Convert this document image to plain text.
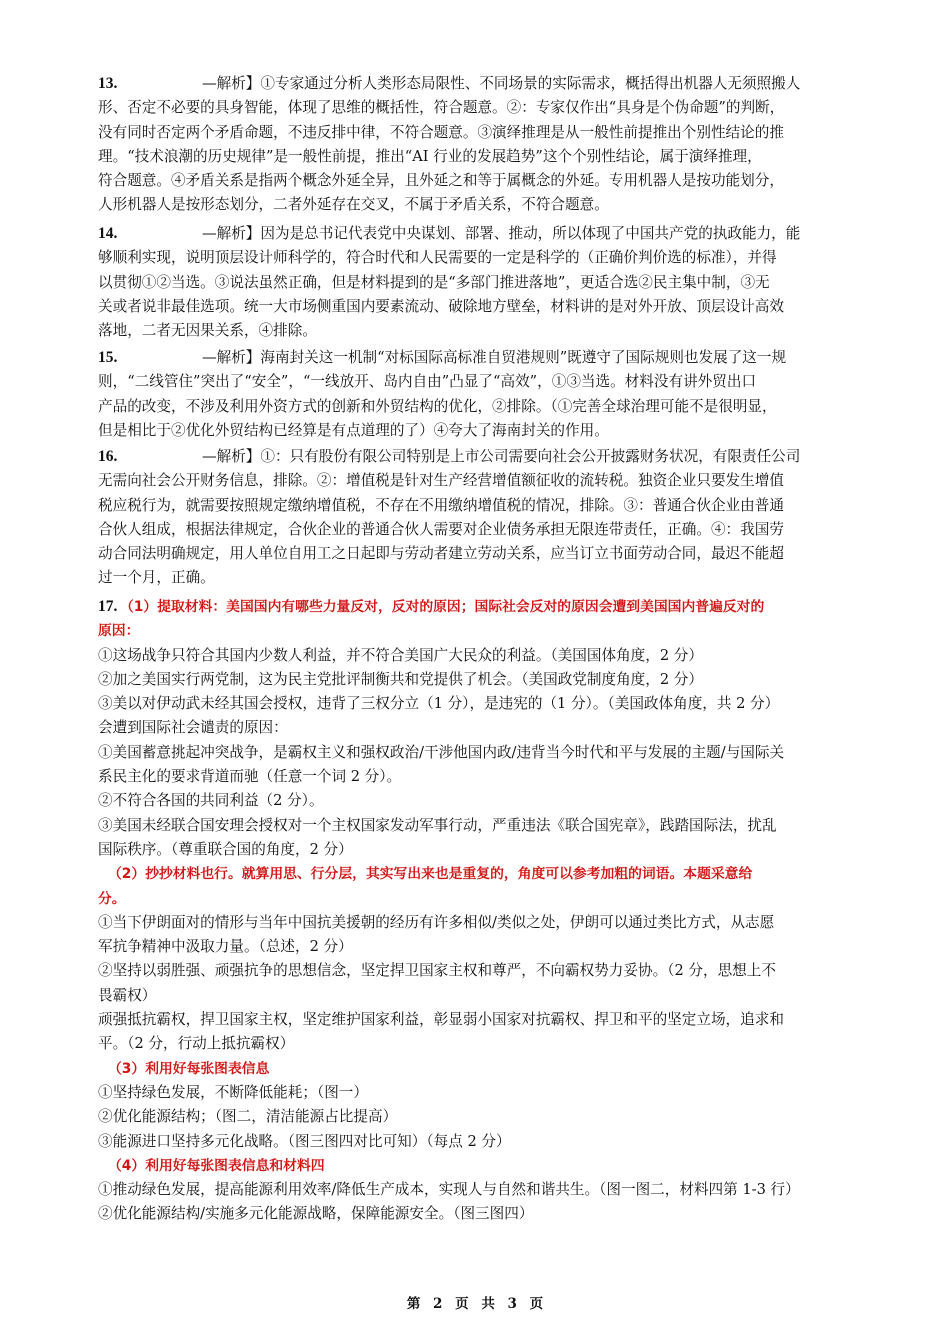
13.	—解析】①专家通过分析人类形态局限性、不同场景的实际需求，概括得出机器人无须照搬人
形、否定不必要的具身智能，体现了思维的概括性，符合题意。②：专家仅作出“具身是个伪命题”的判断，
没有同时否定两个矛盾命题，不违反排中律，不符合题意。③演绎推理是从一般性前提推出个别性结论的推
理。“技术浪潮的历史规律”是一般性前提，推出“AI 行业的发展趋势”这个个别性结论，属于演绎推理，
符合题意。④矛盾关系是指两个概念外延全异，且外延之和等于属概念的外延。专用机器人是按功能划分，
人形机器人是按形态划分，二者外延存在交叉，不属于矛盾关系，不符合题意。
14.	—解析】因为是总书记代表党中央谋划、部署、推动，所以体现了中国共产党的执政能力，能
够顺利实现，说明顶层设计师科学的，符合时代和人民需要的一定是科学的（正确价判价选的标准），并得
以贯彻①②当选。③说法虽然正确，但是材料提到的是“多部门推进落地”，更适合选②民主集中制，③无
关或者说非最佳选项。统一大市场侧重国内要素流动、破除地方壁垒，材料讲的是对外开放、顶层设计高效
落地，二者无因果关系，④排除。
15.	—解析】海南封关这一机制“对标国际高标准自贸港规则”既遵守了国际规则也发展了这一规
则，“二线管住”突出了“安全”，“一线放开、岛内自由”凸显了“高效”，①③当选。材料没有讲外贸出口
产品的改变，不涉及利用外资方式的创新和外贸结构的优化，②排除。（①完善全球治理可能不是很明显，
但是相比于②优化外贸结构已经算是有点道理的了）④夸大了海南封关的作用。
16.	—解析】①：只有股份有限公司特别是上市公司需要向社会公开披露财务状况，有限责任公司
无需向社会公开财务信息，排除。②：增值税是针对生产经营增值额征收的流转税。独资企业只要发生增值
税应税行为，就需要按照规定缴纳增值税，不存在不用缴纳增值税的情况，排除。③：普通合伙企业由普通
合伙人组成，根据法律规定，合伙企业的普通合伙人需要对企业债务承担无限连带责任，正确。④：我国劳
动合同法明确规定，用人单位自用工之日起即与劳动者建立劳动关系，应当订立书面劳动合同，最迟不能超
过一个月，正确。
17. （1）提取材料：美国国内有哪些力量反对，反对的原因；国际社会反对的原因会遭到美国国内普遍反对的
原因：
①这场战争只符合其国内少数人利益，并不符合美国广大民众的利益。（美国国体角度，2 分）
②加之美国实行两党制，这为民主党批评制衡共和党提供了机会。（美国政党制度角度，2 分）
③美以对伊动武未经其国会授权，违背了三权分立（1 分），是违宪的（1 分）。（美国政体角度，共 2 分）
会遭到国际社会谴责的原因：
①美国蓄意挑起冲突战争，是霸权主义和强权政治/干涉他国内政/违背当今时代和平与发展的主题/与国际关
系民主化的要求背道而驰（任意一个词 2 分）。
②不符合各国的共同利益（2 分）。
③美国未经联合国安理会授权对一个主权国家发动军事行动，严重违法《联合国宪章》，践踏国际法，扰乱
国际秩序。（尊重联合国的角度，2 分）
（2）抄抄材料也行。就算用思、行分层，其实写出来也是重复的，角度可以参考加粗的词语。本题采意给
分。
①当下伊朗面对的情形与当年中国抗美援朝的经历有许多相似/类似之处，伊朗可以通过类比方式，从志愿
军抗争精神中汲取力量。（总述，2 分）
②坚持以弱胜强、顽强抗争的思想信念，坚定捍卫国家主权和尊严，不向霸权势力妥协。（2 分，思想上不
畏霸权）
顽强抵抗霸权，捍卫国家主权，坚定维护国家利益，彰显弱小国家对抗霸权、捍卫和平的坚定立场，追求和
平。（2 分，行动上抵抗霸权）
（3）利用好每张图表信息
①坚持绿色发展，不断降低能耗；（图一）
②优化能源结构；（图二，清洁能源占比提高）
③能源进口坚持多元化战略。（图三图四对比可知）（每点 2 分）
（4）利用好每张图表信息和材料四
①推动绿色发展，提高能源利用效率/降低生产成本，实现人与自然和谐共生。（图一图二，材料四第 1-3 行）
②优化能源结构/实施多元化能源战略，保障能源安全。（图三图四）
第 2 页 共 3 页
